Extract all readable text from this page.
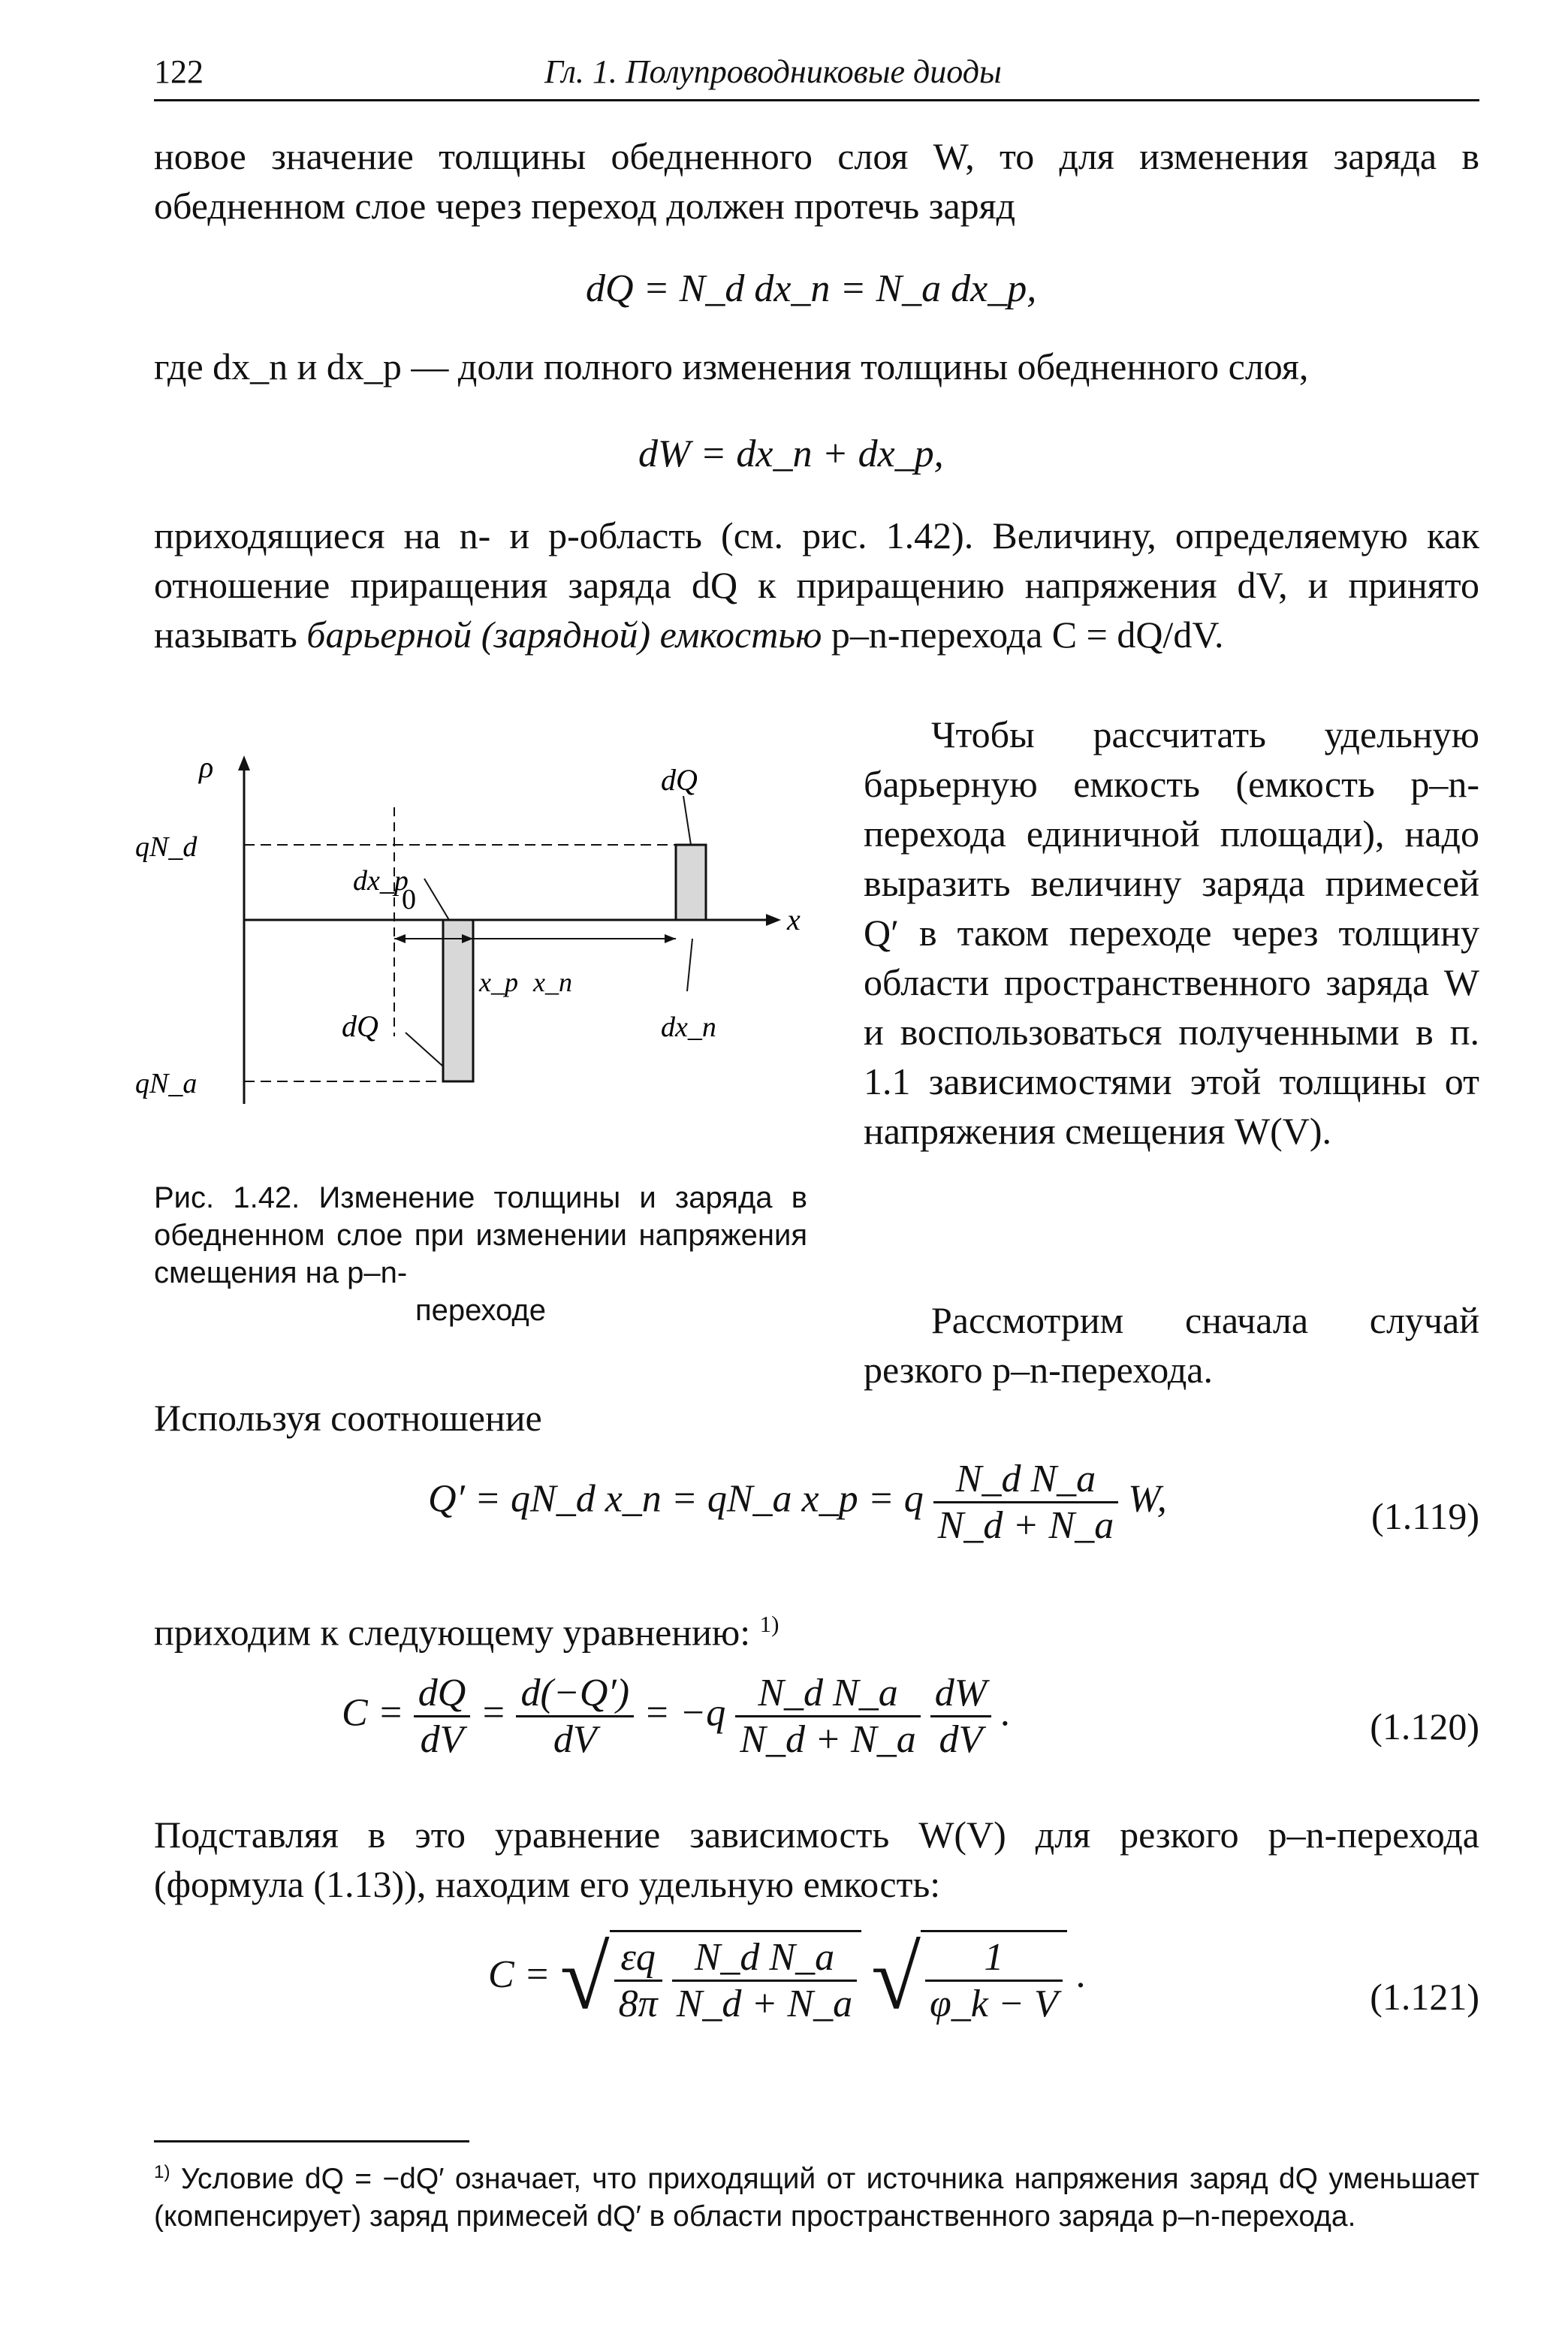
122	Гл. 1. Полупроводниковые диоды

новое значение толщины обедненного слоя W, то для изменения заряда в обедненном слое через переход должен протечь заряд

dQ = N_d dx_n = N_a dx_p,

где dx_n и dx_p — доли полного изменения толщины обедненного слоя,

dW = dx_n + dx_p,

приходящиеся на n- и p-область (см. рис. 1.42). Величину, определяемую как отношение приращения заряда dQ к приращению напряжения dV, и принято называть барьерной (зарядной) емкостью p–n-перехода C = dQ/dV.

ρ
qN_d
qN_a
dQ
dQ
dx_p
dx_n
0
x
x_p x_n
Рис. 1.42. Изменение толщины и заряда в обедненном слое при изменении напряжения смещения на p–n-
переходе

Чтобы рассчитать удельную барьерную емкость (емкость p–n-перехода единичной площади), надо выразить величину заряда примесей Q′ в таком переходе через толщину области пространственного заряда W и воспользоваться полученными в п. 1.1 зависимостями этой толщины от напряжения смещения W(V).

Рассмотрим сначала случай резкого p–n-перехода.

Используя соотношение

Q′ = qN_d x_n = qN_a x_p = q $\frac{\text{N\_d N\_a}}{N\_d + N\_a} W$,	(1.119)

приходим к следующему уравнению: $^{1)}$

$C = \frac{dQ}{dV} = \frac{d(-Q')}{dV} = -q \frac{\text{N\_d N\_a}}{N\_d + N\_a}$
$\frac{dW}{dV}$ .	(1.120)

Подставляя в это уравнение зависимость W(V) для резкого p–n-перехода (формула (1.13)), находим его удельную емкость:

C = √ $\frac{\varepsilon q}{8\pi}$
$\frac{\text{N\_d N\_a}}{N\_d + N\_a}$ √ $\frac{1}{\varphi\_k - V}$ .
(1.121)
$^{1)}$ Условие dQ = −dQ′ означает, что приходящий от источника напряжения заряд dQ уменьшает (компенсирует) заряд примесей dQ′ в области пространственного заряда p–n-перехода.
